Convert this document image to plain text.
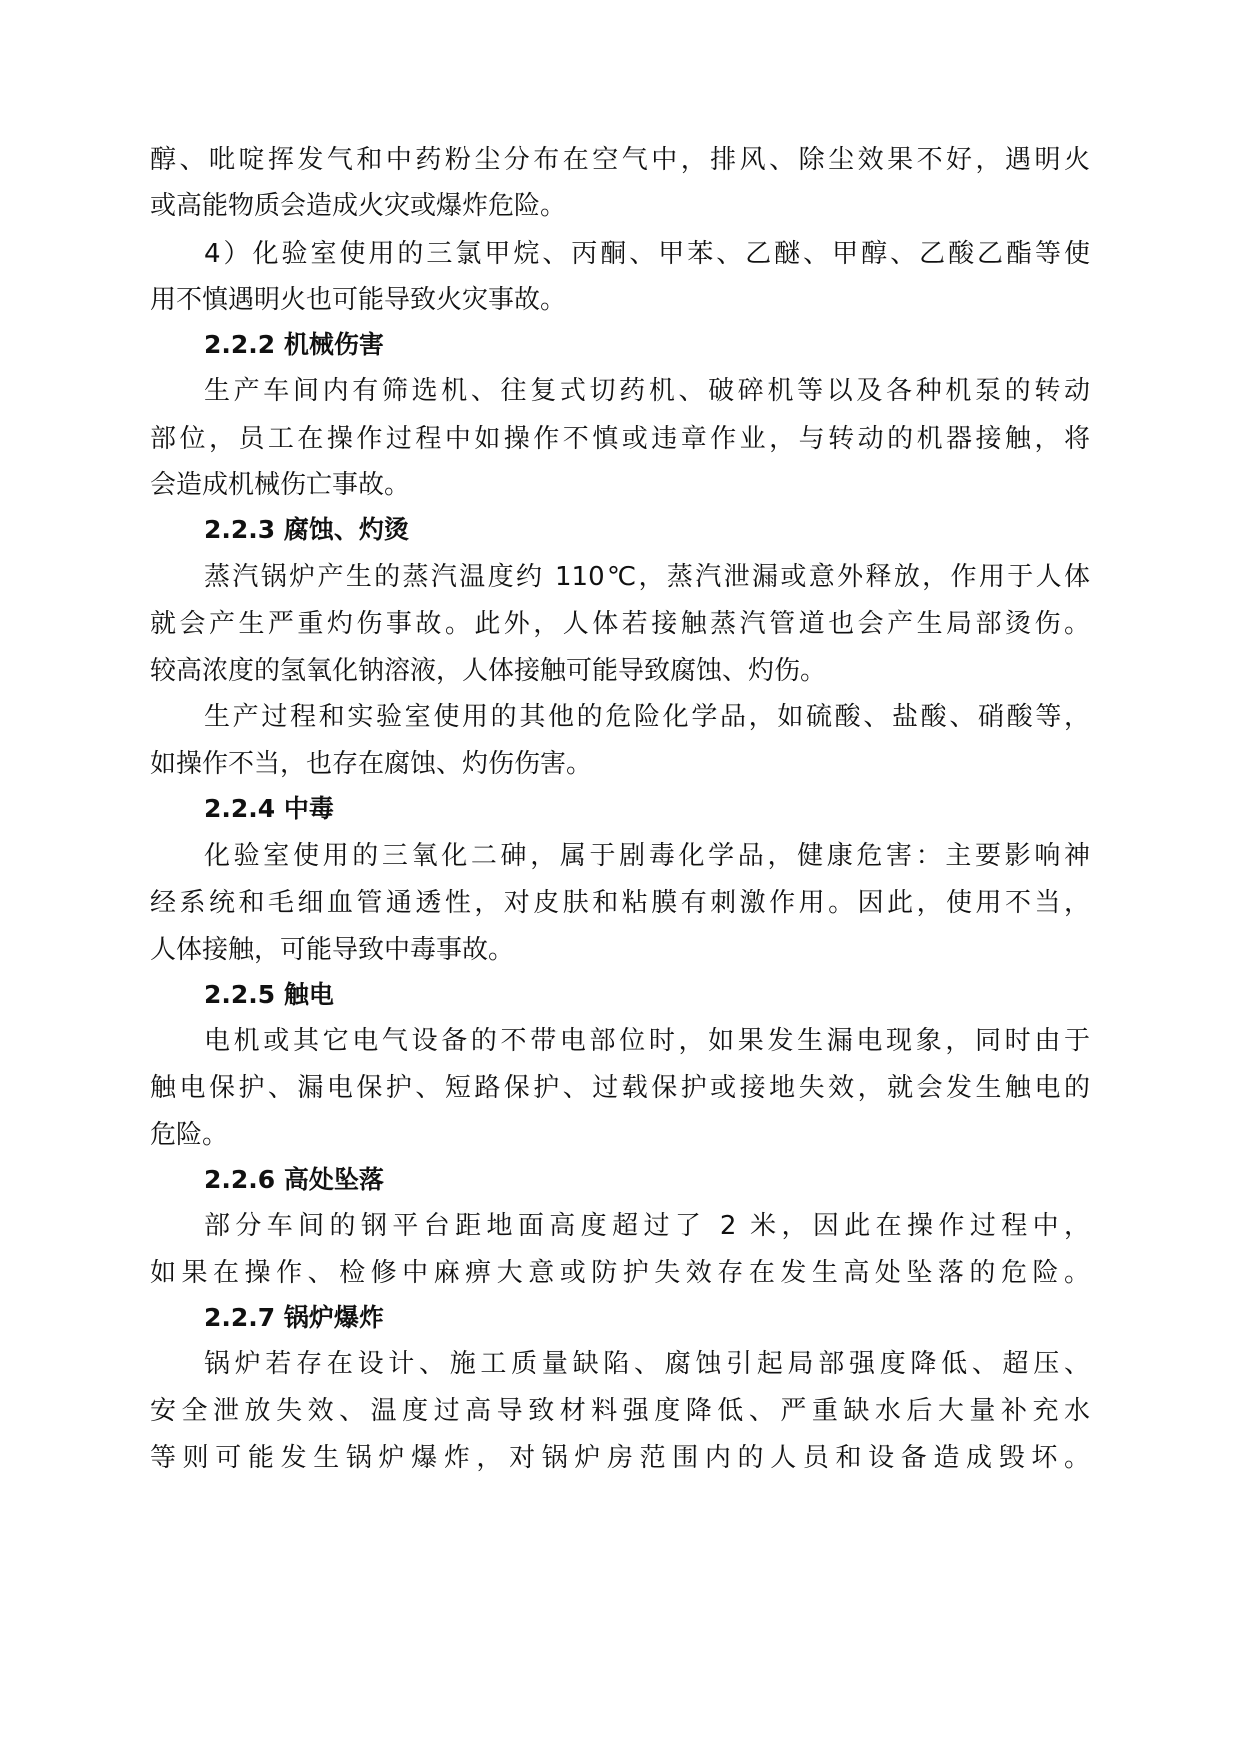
醇、吡啶挥发气和中药粉尘分布在空气中，排风、除尘效果不好，遇明火
或高能物质会造成火灾或爆炸危险。
4）化验室使用的三氯甲烷、丙酮、甲苯、乙醚、甲醇、乙酸乙酯等使
用不慎遇明火也可能导致火灾事故。
2.2.2 机械伤害
生产车间内有筛选机、往复式切药机、破碎机等以及各种机泵的转动
部位，员工在操作过程中如操作不慎或违章作业，与转动的机器接触，将
会造成机械伤亡事故。
2.2.3 腐蚀、灼烫
蒸汽锅炉产生的蒸汽温度约 110℃，蒸汽泄漏或意外释放，作用于人体
就会产生严重灼伤事故。此外，人体若接触蒸汽管道也会产生局部烫伤。
较高浓度的氢氧化钠溶液，人体接触可能导致腐蚀、灼伤。
生产过程和实验室使用的其他的危险化学品，如硫酸、盐酸、硝酸等，
如操作不当，也存在腐蚀、灼伤伤害。
2.2.4 中毒
化验室使用的三氧化二砷，属于剧毒化学品，健康危害：主要影响神
经系统和毛细血管通透性，对皮肤和粘膜有刺激作用。因此，使用不当，
人体接触，可能导致中毒事故。
2.2.5 触电
电机或其它电气设备的不带电部位时，如果发生漏电现象，同时由于
触电保护、漏电保护、短路保护、过载保护或接地失效，就会发生触电的
危险。
2.2.6 高处坠落
部分车间的钢平台距地面高度超过了 2 米，因此在操作过程中，
如果在操作、检修中麻痹大意或防护失效存在发生高处坠落的危险。
2.2.7 锅炉爆炸
锅炉若存在设计、施工质量缺陷、腐蚀引起局部强度降低、超压、
安全泄放失效、温度过高导致材料强度降低、严重缺水后大量补充水
等则可能发生锅炉爆炸，对锅炉房范围内的人员和设备造成毁坏。
